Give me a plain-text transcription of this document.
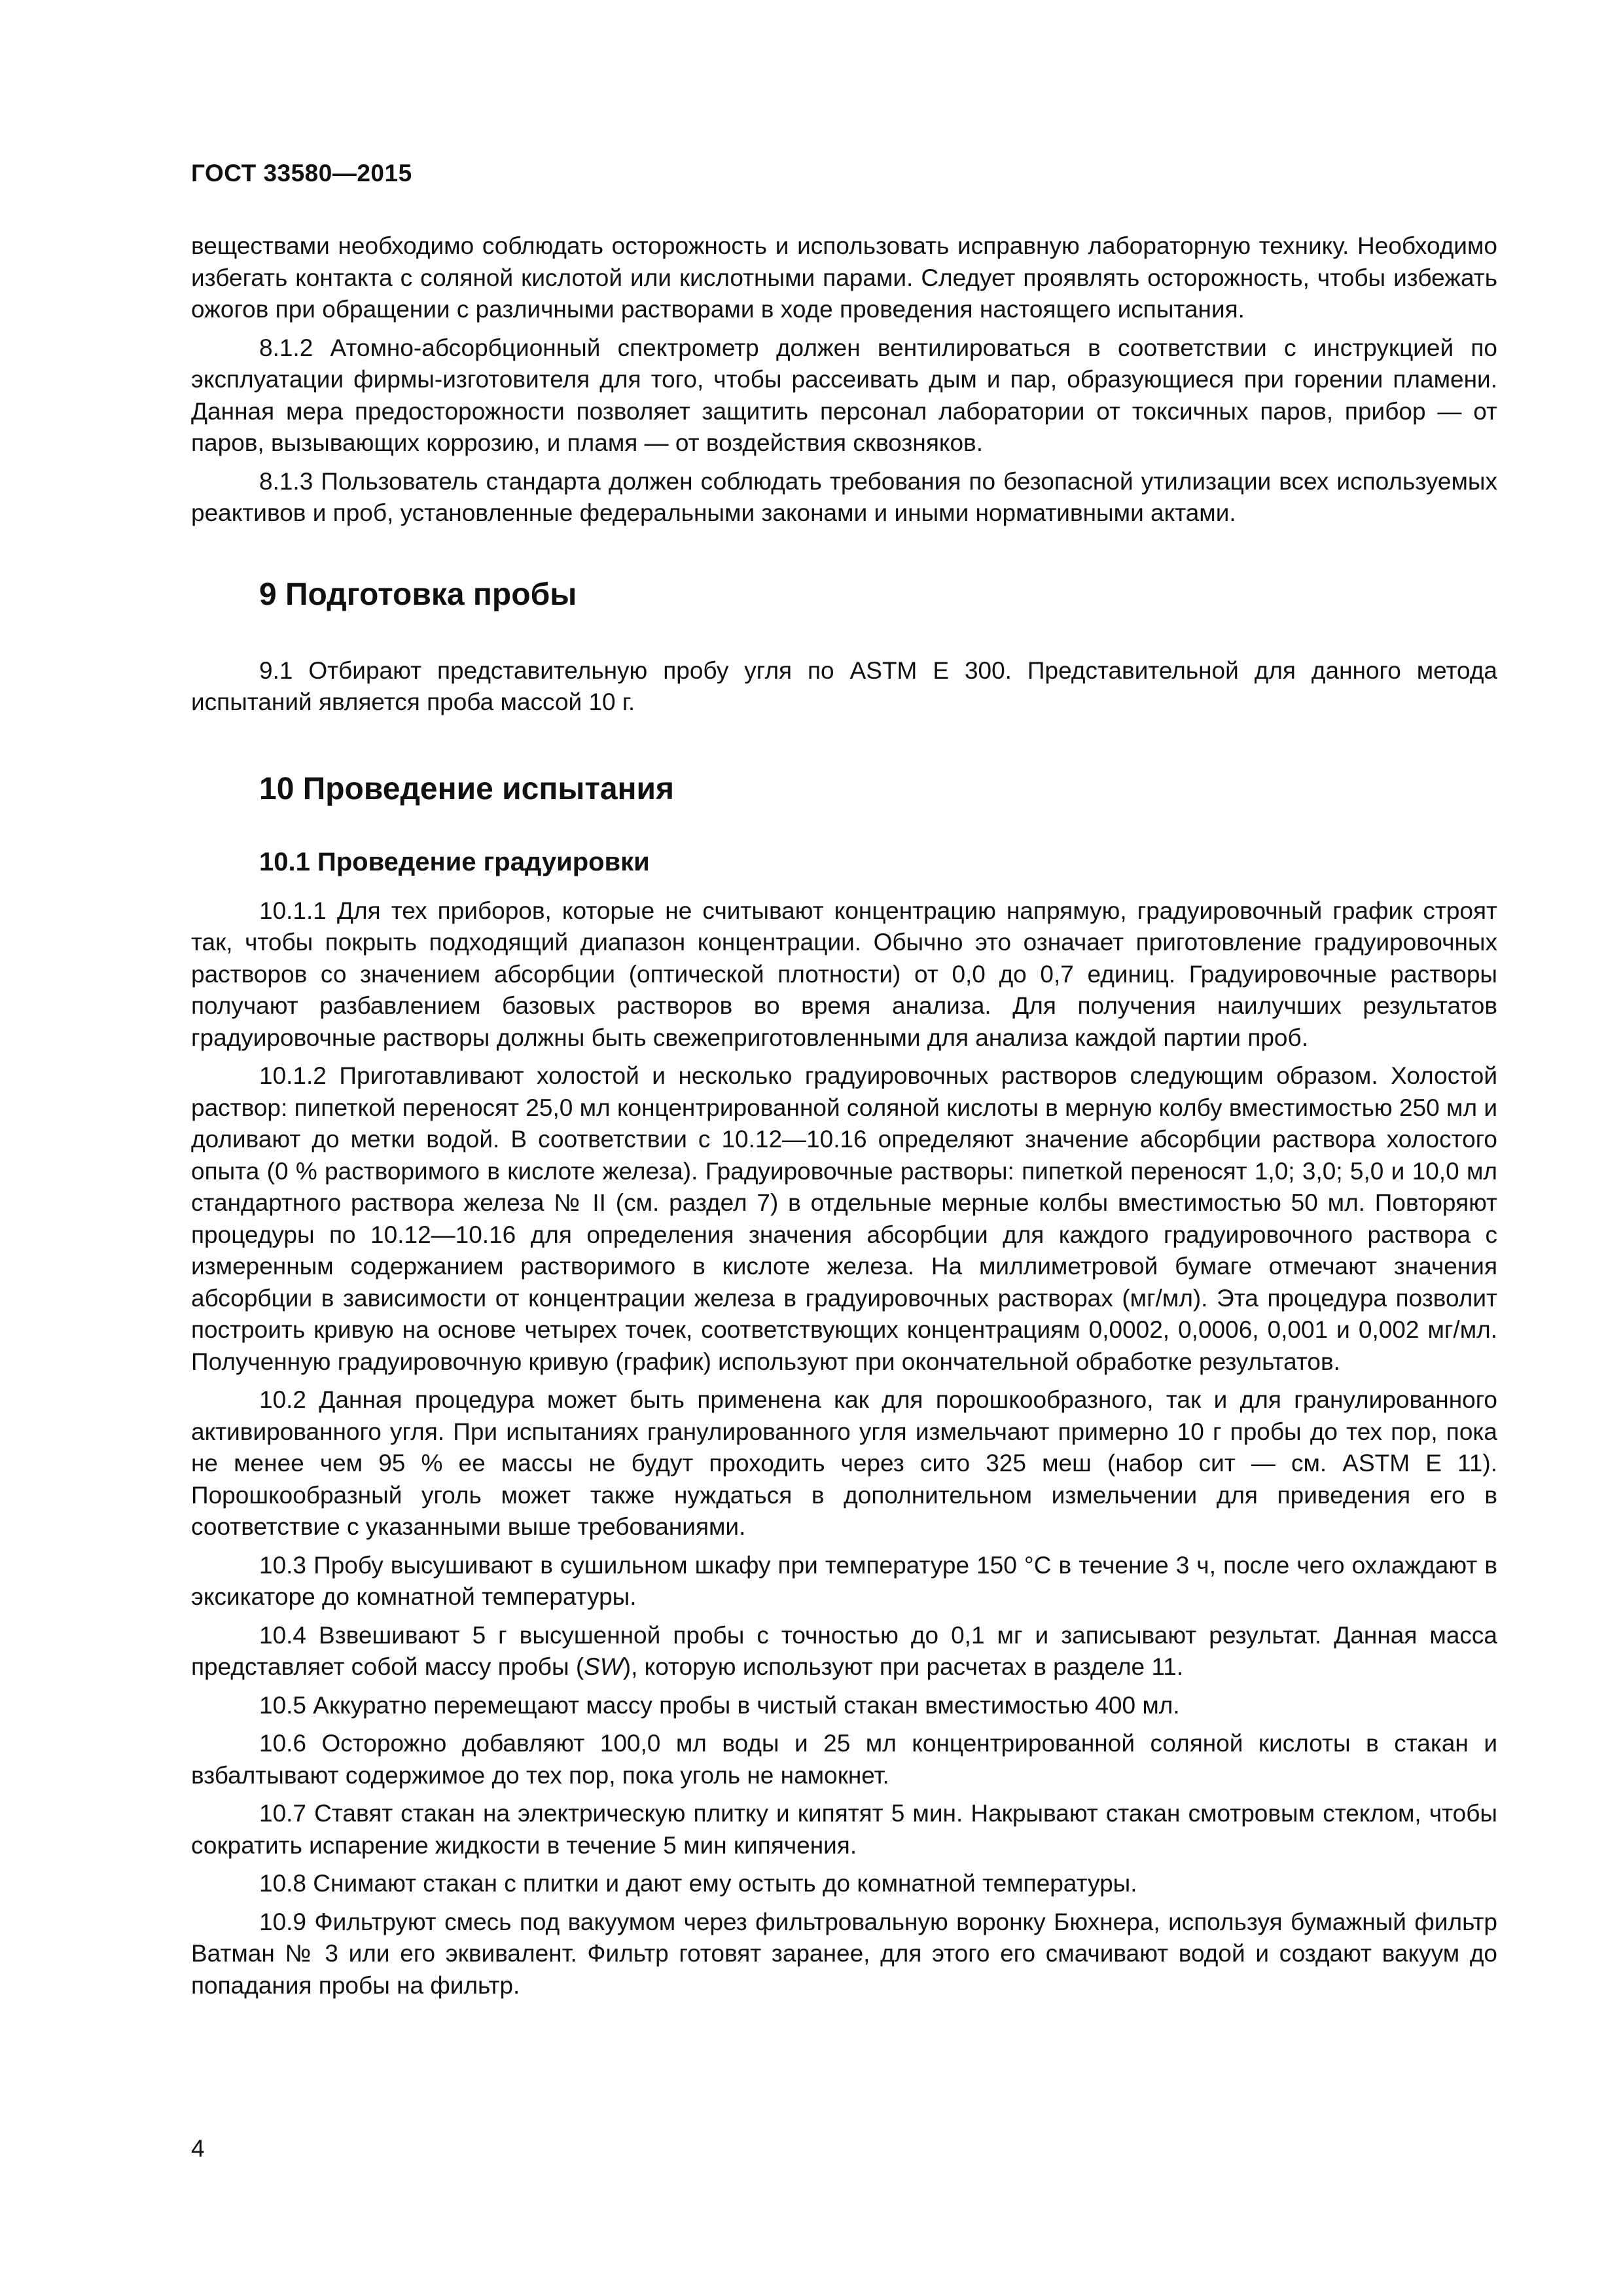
ГОСТ 33580—2015

веществами необходимо соблюдать осторожность и использовать исправную лабораторную технику. Необходимо избегать контакта с соляной кислотой или кислотными парами. Следует проявлять осторожность, чтобы избежать ожогов при обращении с различными растворами в ходе проведения настоящего испытания.

8.1.2 Атомно-абсорбционный спектрометр должен вентилироваться в соответствии с инструкцией по эксплуатации фирмы-изготовителя для того, чтобы рассеивать дым и пар, образующиеся при горении пламени. Данная мера предосторожности позволяет защитить персонал лаборатории от токсичных паров, прибор — от паров, вызывающих коррозию, и пламя — от воздействия сквозняков.

8.1.3 Пользователь стандарта должен соблюдать требования по безопасной утилизации всех используемых реактивов и проб, установленные федеральными законами и иными нормативными актами.

9 Подготовка пробы

9.1 Отбирают представительную пробу угля по ASTM E 300. Представительной для данного метода испытаний является проба массой 10 г.

10 Проведение испытания
10.1 Проведение градуировки

10.1.1 Для тех приборов, которые не считывают концентрацию напрямую, градуировочный график строят так, чтобы покрыть подходящий диапазон концентрации. Обычно это означает приготовление градуировочных растворов со значением абсорбции (оптической плотности) от 0,0 до 0,7 единиц. Градуировочные растворы получают разбавлением базовых растворов во время анализа. Для получения наилучших результатов градуировочные растворы должны быть свежеприготовленными для анализа каждой партии проб.

10.1.2 Приготавливают холостой и несколько градуировочных растворов следующим образом. Холостой раствор: пипеткой переносят 25,0 мл концентрированной соляной кислоты в мерную колбу вместимостью 250 мл и доливают до метки водой. В соответствии с 10.12—10.16 определяют значение абсорбции раствора холостого опыта (0 % растворимого в кислоте железа). Градуировочные растворы: пипеткой переносят 1,0; 3,0; 5,0 и 10,0 мл стандартного раствора железа № II (см. раздел 7) в отдельные мерные колбы вместимостью 50 мл. Повторяют процедуры по 10.12—10.16 для определения значения абсорбции для каждого градуировочного раствора с измеренным содержанием растворимого в кислоте железа. На миллиметровой бумаге отмечают значения абсорбции в зависимости от концентрации железа в градуировочных растворах (мг/мл). Эта процедура позволит построить кривую на основе четырех точек, соответствующих концентрациям 0,0002, 0,0006, 0,001 и 0,002 мг/мл. Полученную градуировочную кривую (график) используют при окончательной обработке результатов.

10.2 Данная процедура может быть применена как для порошкообразного, так и для гранулированного активированного угля. При испытаниях гранулированного угля измельчают примерно 10 г пробы до тех пор, пока не менее чем 95 % ее массы не будут проходить через сито 325 меш (набор сит — см. ASTM E 11). Порошкообразный уголь может также нуждаться в дополнительном измельчении для приведения его в соответствие с указанными выше требованиями.

10.3 Пробу высушивают в сушильном шкафу при температуре 150 °С в течение 3 ч, после чего охлаждают в эксикаторе до комнатной температуры.

10.4 Взвешивают 5 г высушенной пробы с точностью до 0,1 мг и записывают результат. Данная масса представляет собой массу пробы (SW), которую используют при расчетах в разделе 11.

10.5 Аккуратно перемещают массу пробы в чистый стакан вместимостью 400 мл.

10.6 Осторожно добавляют 100,0 мл воды и 25 мл концентрированной соляной кислоты в стакан и взбалтывают содержимое до тех пор, пока уголь не намокнет.

10.7 Ставят стакан на электрическую плитку и кипятят 5 мин. Накрывают стакан смотровым стеклом, чтобы сократить испарение жидкости в течение 5 мин кипячения.

10.8 Снимают стакан с плитки и дают ему остыть до комнатной температуры.

10.9 Фильтруют смесь под вакуумом через фильтровальную воронку Бюхнера, используя бумажный фильтр Ватман № 3 или его эквивалент. Фильтр готовят заранее, для этого его смачивают водой и создают вакуум до попадания пробы на фильтр.

4
